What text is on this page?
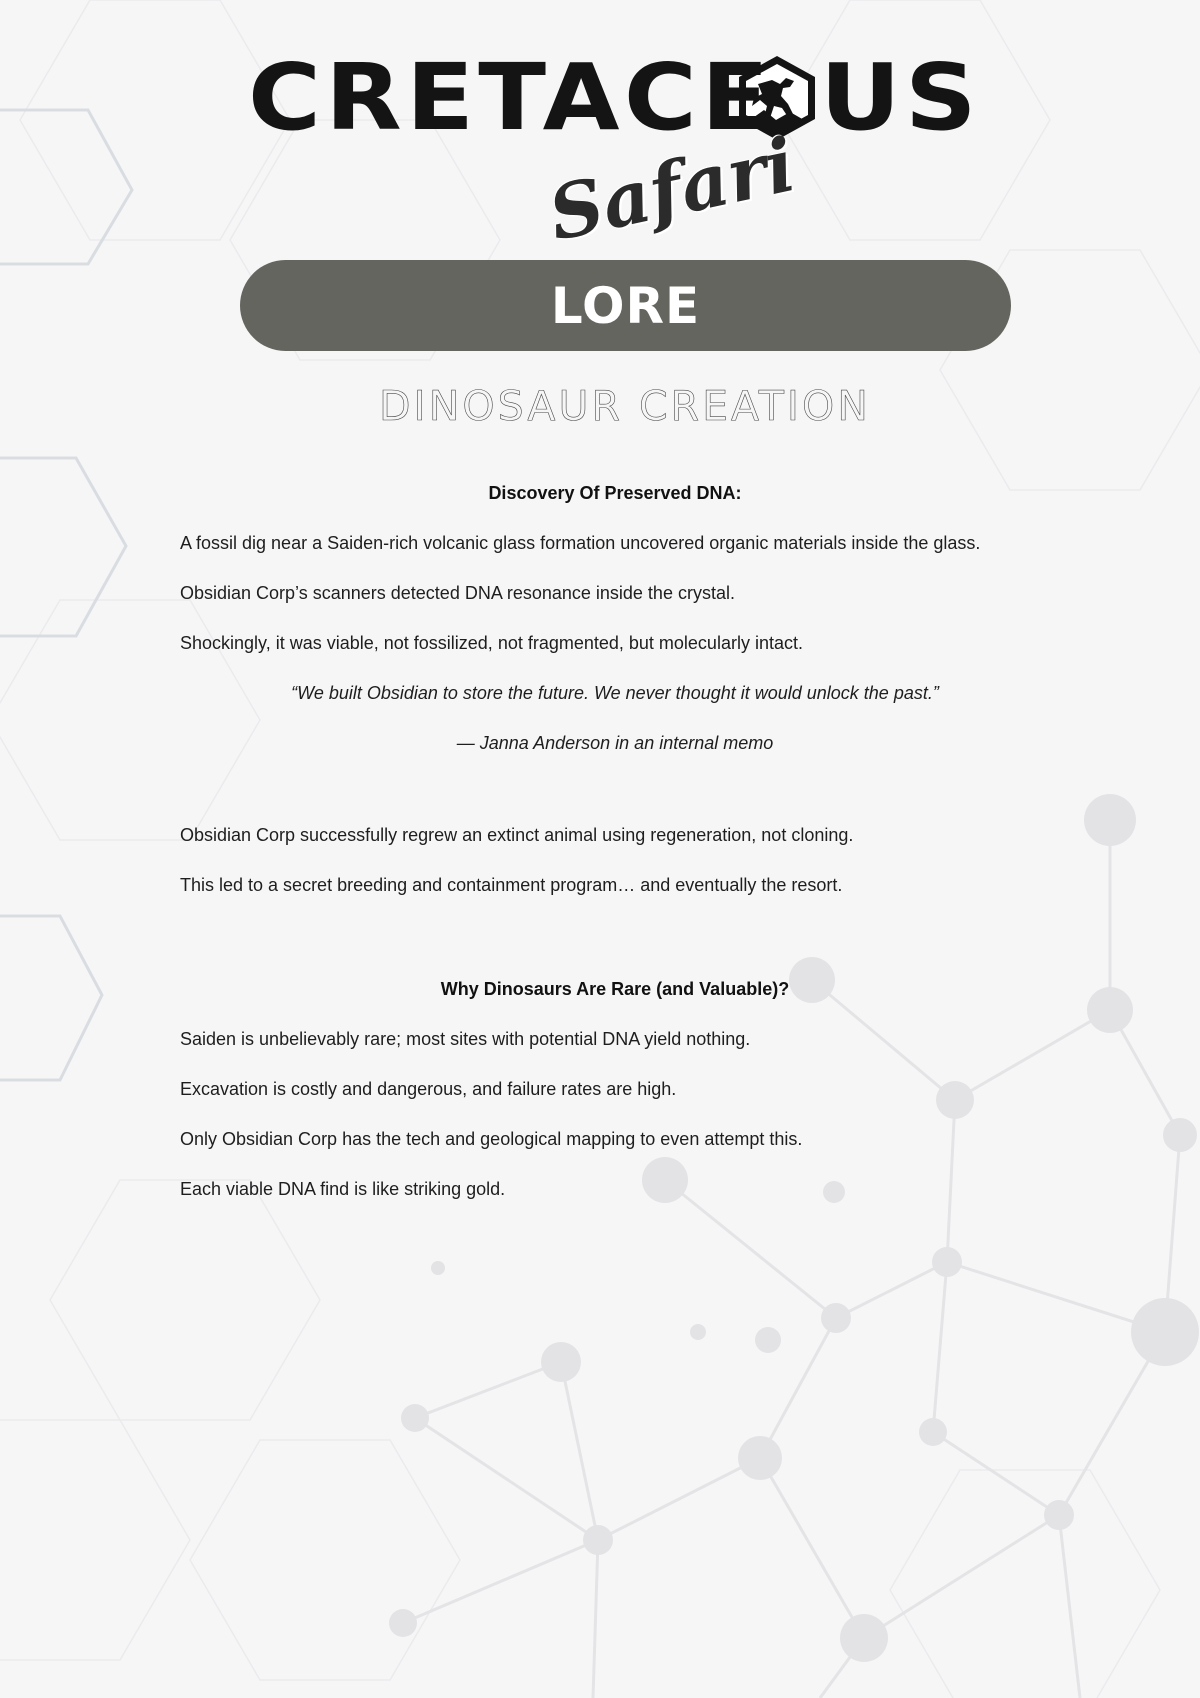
CRETACE US
Safari
LORE
DINOSAUR CREATION
Discovery Of Preserved DNA:
A fossil dig near a Saiden-rich volcanic glass formation uncovered organic materials inside the glass.
Obsidian Corp’s scanners detected DNA resonance inside the crystal.
Shockingly, it was viable, not fossilized, not fragmented, but molecularly intact.
“We built Obsidian to store the future. We never thought it would unlock the past.”
— Janna Anderson in an internal memo
Obsidian Corp successfully regrew an extinct animal using regeneration, not cloning.
This led to a secret breeding and containment program… and eventually the resort.
Why Dinosaurs Are Rare (and Valuable)?
Saiden is unbelievably rare; most sites with potential DNA yield nothing.
Excavation is costly and dangerous, and failure rates are high.
Only Obsidian Corp has the tech and geological mapping to even attempt this.
Each viable DNA find is like striking gold.
